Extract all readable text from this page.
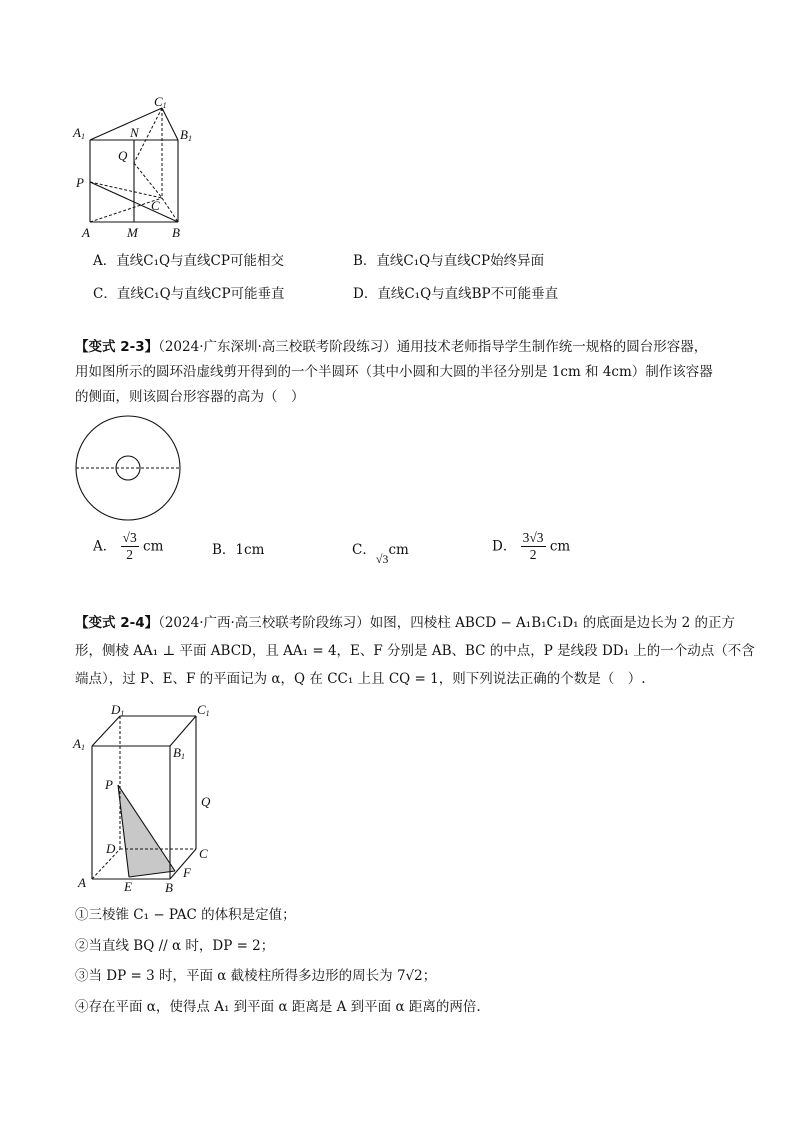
C1
A1	B1
N
Q
P
C
A	M	B
A．直线C₁Q与直线CP可能相交	B．直线C₁Q与直线CP始终异面
C．直线C₁Q与直线CP可能垂直	D．直线C₁Q与直线BP不可能垂直
【变式 2-3】（2024·广东深圳·高三校联考阶段练习）通用技术老师指导学生制作统一规格的圆台形容器，
用如图所示的圆环沿虚线剪开得到的一个半圆环（其中小圆和大圆的半径分别是 1cm 和 4cm）制作该容器
的侧面，则该圆台形容器的高为（　）
A． $\frac{√3}{2}$ cm	B．1cm	C．√3cm	D． $\frac{3√3}{2}$ cm
【变式 2-4】（2024·广西·高三校联考阶段练习）如图，四棱柱 ABCD − A₁B₁C₁D₁ 的底面是边长为 2 的正方
形，侧棱 AA₁ ⊥ 平面 ABCD，且 AA₁ = 4，E、F 分别是 AB、BC 的中点，P 是线段 DD₁ 上的一个动点（不含
端点），过 P、E、F 的平面记为 α，Q 在 CC₁ 上且 CQ = 1，则下列说法正确的个数是（　）.
D1	C1
A1	B1
P
Q
D	C
A	E	B
F
①三棱锥 C₁ − PAC 的体积是定值；
②当直线 BQ // α 时，DP = 2；
③当 DP = 3 时，平面 α 截棱柱所得多边形的周长为 7√2；
④存在平面 α，使得点 A₁ 到平面 α 距离是 A 到平面 α 距离的两倍.
